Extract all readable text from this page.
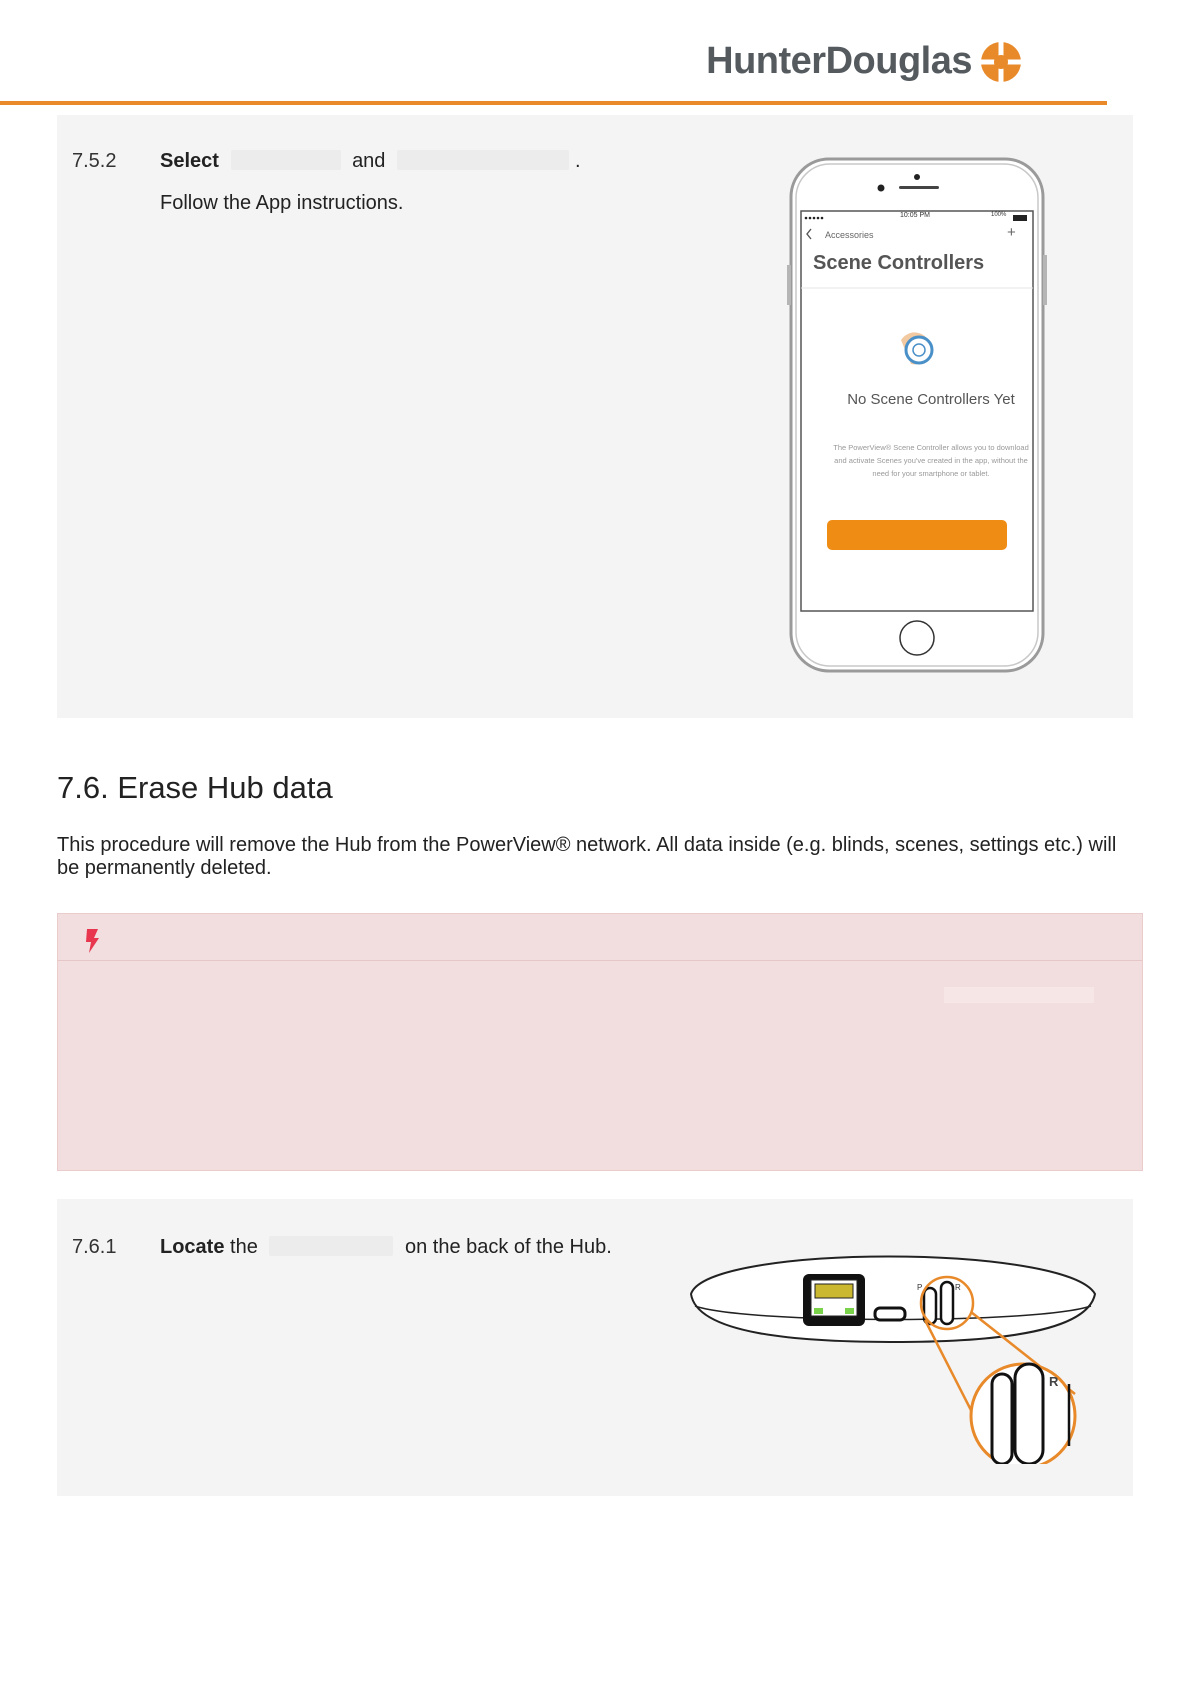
HunterDouglas
7.5.2 Select	and	.
Follow the App instructions.
10:05 PM	100%
Accessories	+
Scene Controllers
No Scene Controllers Yet
The PowerView® Scene Controller allows you to download and activate Scenes you've created in the app, without the need for your smartphone or tablet.
Add Scene Controller
7.6. Erase Hub data
This procedure will remove the Hub from the PowerView® network. All data inside (e.g. blinds, scenes, settings etc.) will be permanently deleted.
7.6.1 Locate the	on the back of the Hub.
P	R
R
